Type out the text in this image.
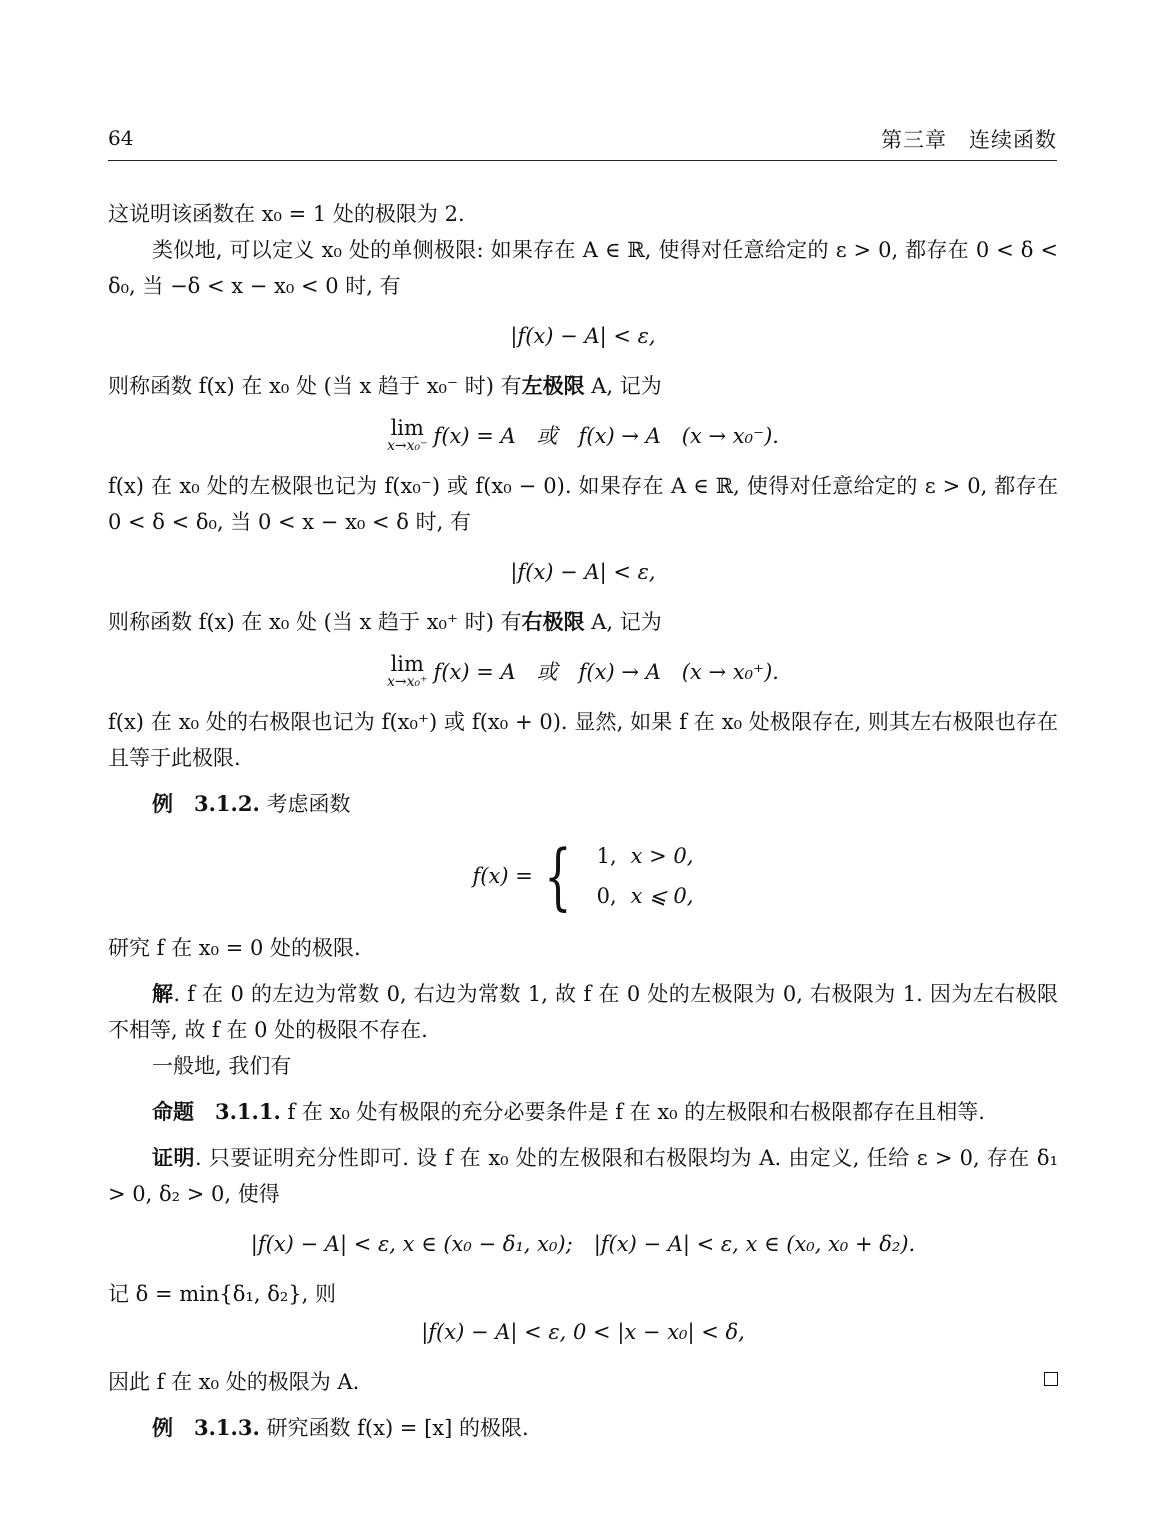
64	第三章　连续函数

这说明该函数在 x₀ = 1 处的极限为 2.

类似地, 可以定义 x₀ 处的单侧极限: 如果存在 A ∈ ℝ, 使得对任意给定的 ε > 0, 都存在 0 < δ < δ₀, 当 −δ < x − x₀ < 0 时, 有

|f(x) − A| < ε,

则称函数 f(x) 在 x₀ 处 (当 x 趋于 x₀⁻ 时) 有左极限 A, 记为

lim
x→x₀⁻ f(x) = A　或　f(x) → A　(x → x₀⁻).

f(x) 在 x₀ 处的左极限也记为 f(x₀⁻) 或 f(x₀ − 0). 如果存在 A ∈ ℝ, 使得对任意给定的 ε > 0, 都存在 0 < δ < δ₀, 当 0 < x − x₀ < δ 时, 有

|f(x) − A| < ε,

则称函数 f(x) 在 x₀ 处 (当 x 趋于 x₀⁺ 时) 有右极限 A, 记为

lim
x→x₀⁺ f(x) = A　或　f(x) → A　(x → x₀⁺).

f(x) 在 x₀ 处的右极限也记为 f(x₀⁺) 或 f(x₀ + 0). 显然, 如果 f 在 x₀ 处极限存在, 则其左右极限也存在且等于此极限.

例　3.1.2. 考虑函数

f(x) = {	1, x > 0,
0, x ⩽ 0,

研究 f 在 x₀ = 0 处的极限.

解. f 在 0 的左边为常数 0, 右边为常数 1, 故 f 在 0 处的左极限为 0, 右极限为 1. 因为左右极限不相等, 故 f 在 0 处的极限不存在.

一般地, 我们有

命题　3.1.1. f 在 x₀ 处有极限的充分必要条件是 f 在 x₀ 的左极限和右极限都存在且相等.

证明. 只要证明充分性即可. 设 f 在 x₀ 处的左极限和右极限均为 A. 由定义, 任给 ε > 0, 存在 δ₁ > 0, δ₂ > 0, 使得

|f(x) − A| < ε, x ∈ (x₀ − δ₁, x₀);　|f(x) − A| < ε, x ∈ (x₀, x₀ + δ₂).

记 δ = min{δ₁, δ₂}, 则

|f(x) − A| < ε, 0 < |x − x₀| < δ,

因此 f 在 x₀ 处的极限为 A.

例　3.1.3. 研究函数 f(x) = [x] 的极限.
